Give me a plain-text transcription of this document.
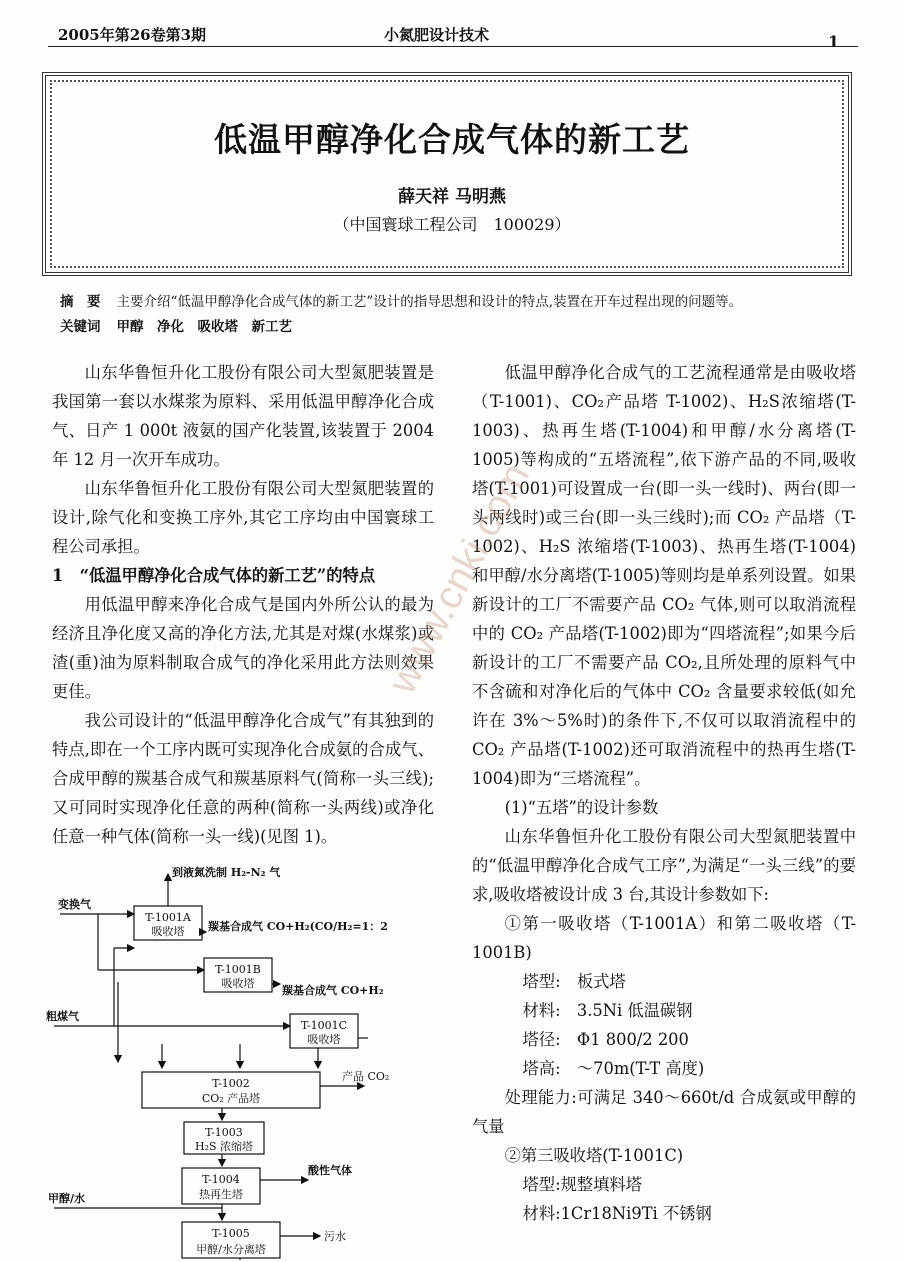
2005年第26卷第3期	小氮肥设计技术	1
低温甲醇净化合成气体的新工艺
薛天祥 马明燕
（中国寰球工程公司　100029）
摘　要 主要介绍“低温甲醇净化合成气体的新工艺”设计的指导思想和设计的特点,装置在开车过程出现的问题等。
关键词 甲醇　净化　吸收塔　新工艺

山东华鲁恒升化工股份有限公司大型氮肥装置是我国第一套以水煤浆为原料、采用低温甲醇净化合成气、日产 1 000t 液氨的国产化装置,该装置于 2004 年 12 月一次开车成功。

山东华鲁恒升化工股份有限公司大型氮肥装置的设计,除气化和变换工序外,其它工序均由中国寰球工程公司承担。

1　“低温甲醇净化合成气体的新工艺”的特点

用低温甲醇来净化合成气是国内外所公认的最为经济且净化度又高的净化方法,尤其是对煤(水煤浆)或渣(重)油为原料制取合成气的净化采用此方法则效果更佳。

我公司设计的“低温甲醇净化合成气”有其独到的特点,即在一个工序内既可实现净化合成氨的合成气、合成甲醇的羰基合成气和羰基原料气(简称一头三线);又可同时实现净化任意的两种(简称一头两线)或净化任意一种气体(简称一头一线)(见图 1)。

低温甲醇净化合成气的工艺流程通常是由吸收塔（T-1001)、CO₂产品塔 T-1002)、H₂S浓缩塔(T-1003)、热再生塔(T-1004)和甲醇/水分离塔(T-1005)等构成的“五塔流程”,依下游产品的不同,吸收塔(T-1001)可设置成一台(即一头一线时)、两台(即一头两线时)或三台(即一头三线时);而 CO₂ 产品塔（T-1002)、H₂S 浓缩塔(T-1003)、热再生塔(T-1004)和甲醇/水分离塔(T-1005)等则均是单系列设置。如果新设计的工厂不需要产品 CO₂ 气体,则可以取消流程中的 CO₂ 产品塔(T-1002)即为“四塔流程”;如果今后新设计的工厂不需要产品 CO₂,且所处理的原料气中不含硫和对净化后的气体中 CO₂ 含量要求较低(如允许在 3%～5%时)的条件下,不仅可以取消流程中的 CO₂ 产品塔(T-1002)还可取消流程中的热再生塔(T-1004)即为“三塔流程”。

(1)“五塔”的设计参数

山东华鲁恒升化工股份有限公司大型氮肥装置中的“低温甲醇净化合成气工序”,为满足“一头三线”的要求,吸收塔被设计成 3 台,其设计参数如下:

①第一吸收塔（T-1001A）和第二吸收塔（T-1001B)

塔型:　板式塔

材料:　3.5Ni 低温碳钢

塔径:　Φ1 800/2 200

塔高:　～70m(T-T 高度)

处理能力:可满足 340～660t/d 合成氨或甲醇的气量

②第三吸收塔(T-1001C)

塔型:规整填料塔

材料:1Cr18Ni9Ti 不锈钢

到液氮洗制 H₂-N₂ 气
变换气
粗煤气
甲醇/水
T-1001A
吸收塔
T-1001B
吸收塔
T-1001C
吸收塔
T-1002
CO₂ 产品塔
T-1003
H₂S 浓缩塔
T-1004
热再生塔
T-1005
甲醇/水分离塔
羰基合成气 CO+H₂(CO/H₂=1：2
羰基合成气 CO+H₂
产品 CO₂
酸性气体
污水
www.cnki.com
